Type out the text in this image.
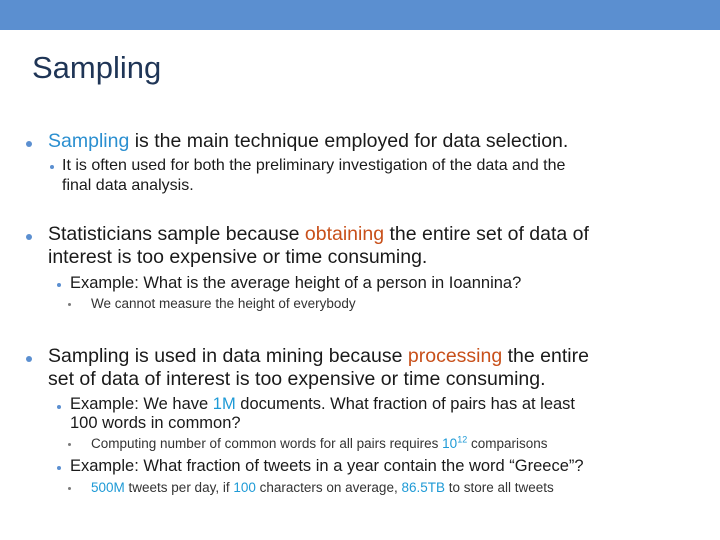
Sampling
Sampling is the main technique employed for data selection.
It is often used for both the preliminary investigation of the data and the
final data analysis.
Statisticians sample because obtaining the entire set of data of
interest is too expensive or time consuming.
Example: What is the average height of a person in Ioannina?
We cannot measure the height of everybody
Sampling is used in data mining because processing the entire
set of data of interest is too expensive or time consuming.
Example: We have 1M documents. What fraction of pairs has at least
100 words in common?
Computing number of common words for all pairs requires $10^{12}$ comparisons
Example: What fraction of tweets in a year contain the word “Greece”?
500M tweets per day, if 100 characters on average, 86.5TB to store all tweets
